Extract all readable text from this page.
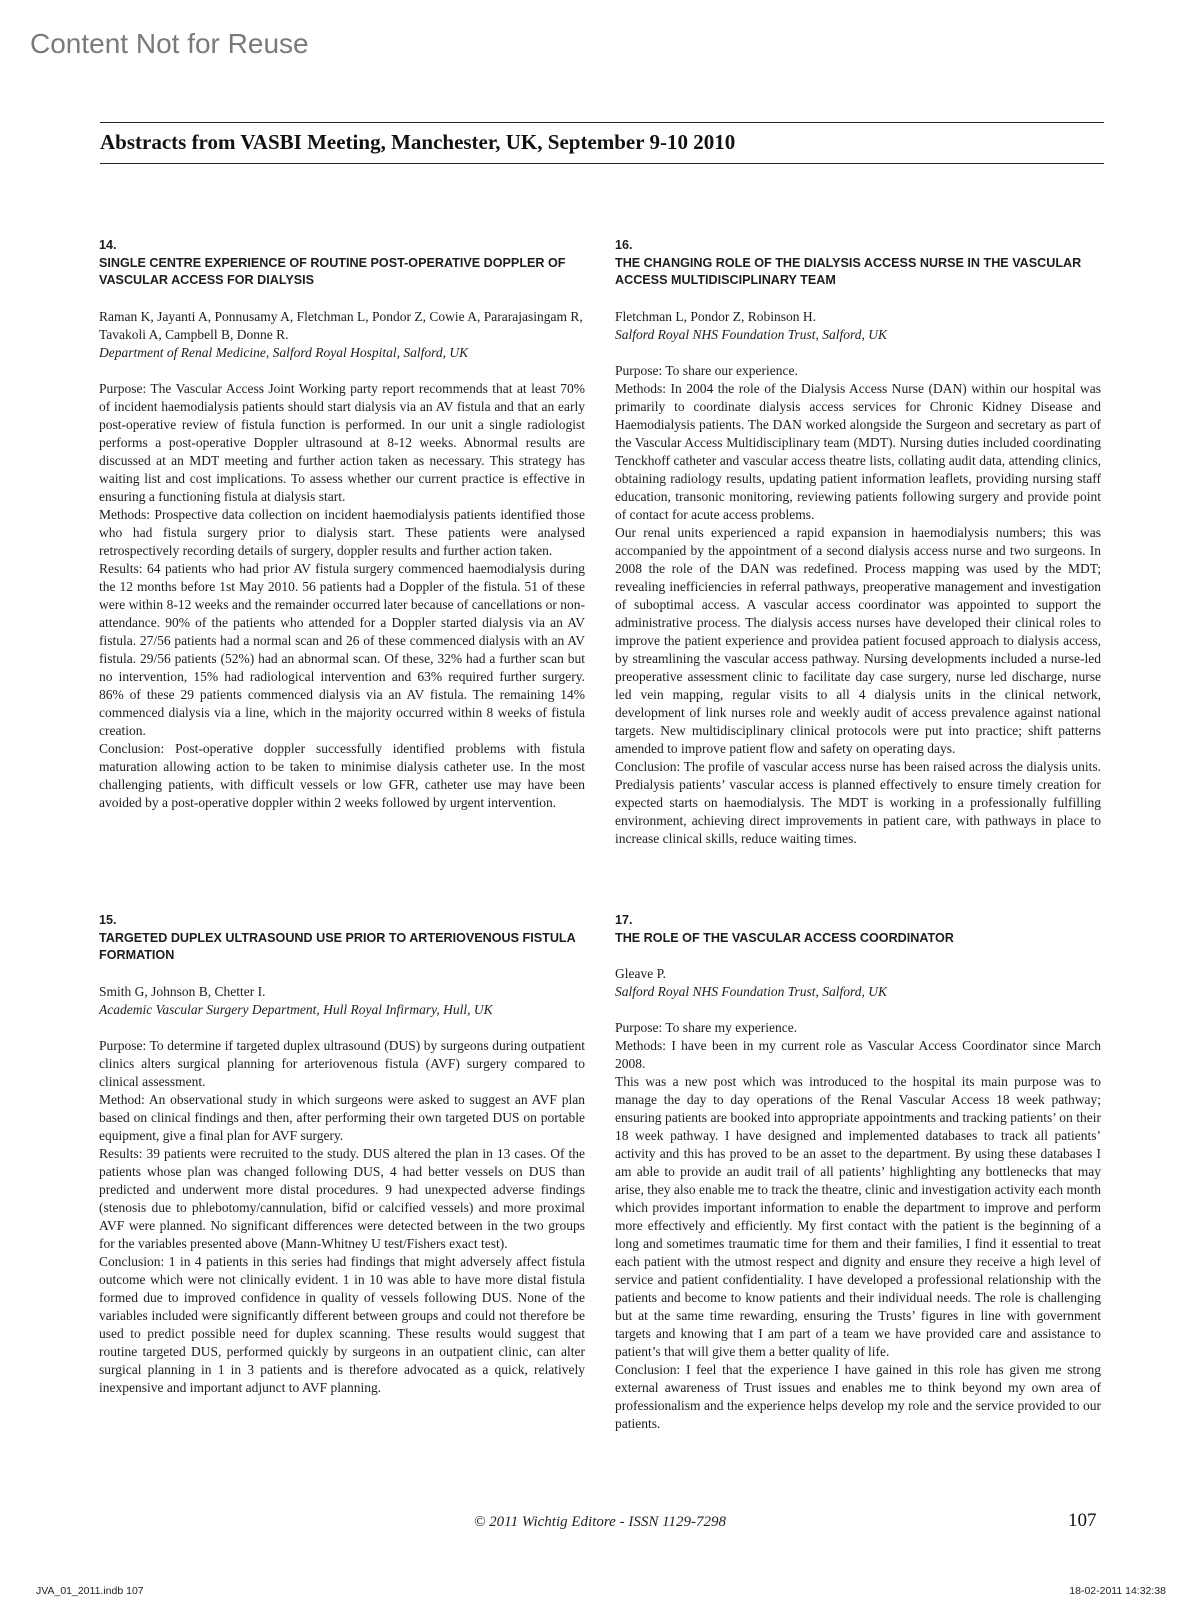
Content Not for Reuse
Abstracts from VASBI Meeting, Manchester, UK, September 9-10 2010
14.
SINGLE CENTRE EXPERIENCE OF ROUTINE POST-OPERATIVE DOPPLER OF VASCULAR ACCESS FOR DIALYSIS

Raman K, Jayanti A, Ponnusamy A, Fletchman L, Pondor Z, Cowie A, Pararajasingam R, Tavakoli A, Campbell B, Donne R.

Department of Renal Medicine, Salford Royal Hospital, Salford, UK

Purpose: The Vascular Access Joint Working party report recommends that at least 70% of incident haemodialysis patients should start dialysis via an AV fistula and that an early post-operative review of fistula function is performed. In our unit a single radiologist performs a post-operative Doppler ultrasound at 8-12 weeks. Abnormal results are discussed at an MDT meeting and further action taken as necessary. This strategy has waiting list and cost implications. To assess whether our current practice is effective in ensuring a functioning fistula at dialysis start.

Methods: Prospective data collection on incident haemodialysis patients identified those who had fistula surgery prior to dialysis start. These patients were analysed retrospectively recording details of surgery, doppler results and further action taken.

Results: 64 patients who had prior AV fistula surgery commenced haemodialysis during the 12 months before 1st May 2010. 56 patients had a Doppler of the fistula. 51 of these were within 8-12 weeks and the remainder occurred later because of cancellations or non-attendance. 90% of the patients who attended for a Doppler started dialysis via an AV fistula. 27/56 patients had a normal scan and 26 of these commenced dialysis with an AV fistula. 29/56 patients (52%) had an abnormal scan. Of these, 32% had a further scan but no intervention, 15% had radiological intervention and 63% required further surgery. 86% of these 29 patients commenced dialysis via an AV fistula. The remaining 14% commenced dialysis via a line, which in the majority occurred within 8 weeks of fistula creation.

Conclusion: Post-operative doppler successfully identified problems with fistula maturation allowing action to be taken to minimise dialysis catheter use. In the most challenging patients, with difficult vessels or low GFR, catheter use may have been avoided by a post-operative doppler within 2 weeks followed by urgent intervention.

16.
THE CHANGING ROLE OF THE DIALYSIS ACCESS NURSE IN THE VASCULAR ACCESS MULTIDISCIPLINARY TEAM

Fletchman L, Pondor Z, Robinson H.

Salford Royal NHS Foundation Trust, Salford, UK

Purpose: To share our experience.

Methods: In 2004 the role of the Dialysis Access Nurse (DAN) within our hospital was primarily to coordinate dialysis access services for Chronic Kidney Disease and Haemodialysis patients. The DAN worked alongside the Surgeon and secretary as part of the Vascular Access Multidisciplinary team (MDT). Nursing duties included coordinating Tenckhoff catheter and vascular access theatre lists, collating audit data, attending clinics, obtaining radiology results, updating patient information leaflets, providing nursing staff education, transonic monitoring, reviewing patients following surgery and provide point of contact for acute access problems.

Our renal units experienced a rapid expansion in haemodialysis numbers; this was accompanied by the appointment of a second dialysis access nurse and two surgeons. In 2008 the role of the DAN was redefined. Process mapping was used by the MDT; revealing inefficiencies in referral pathways, preoperative management and investigation of suboptimal access. A vascular access coordinator was appointed to support the administrative process. The dialysis access nurses have developed their clinical roles to improve the patient experience and providea patient focused approach to dialysis access, by streamlining the vascular access pathway. Nursing developments included a nurse-led preoperative assessment clinic to facilitate day case surgery, nurse led discharge, nurse led vein mapping, regular visits to all 4 dialysis units in the clinical network, development of link nurses role and weekly audit of access prevalence against national targets. New multidisciplinary clinical protocols were put into practice; shift patterns amended to improve patient flow and safety on operating days.

Conclusion: The profile of vascular access nurse has been raised across the dialysis units. Predialysis patients’ vascular access is planned effectively to ensure timely creation for expected starts on haemodialysis. The MDT is working in a professionally fulfilling environment, achieving direct improvements in patient care, with pathways in place to increase clinical skills, reduce waiting times.

15.
TARGETED DUPLEX ULTRASOUND USE PRIOR TO ARTERIOVENOUS FISTULA FORMATION

Smith G, Johnson B, Chetter I.

Academic Vascular Surgery Department, Hull Royal Infirmary, Hull, UK

Purpose: To determine if targeted duplex ultrasound (DUS) by surgeons during outpatient clinics alters surgical planning for arteriovenous fistula (AVF) surgery compared to clinical assessment.

Method: An observational study in which surgeons were asked to suggest an AVF plan based on clinical findings and then, after performing their own targeted DUS on portable equipment, give a final plan for AVF surgery.

Results: 39 patients were recruited to the study. DUS altered the plan in 13 cases. Of the patients whose plan was changed following DUS, 4 had better vessels on DUS than predicted and underwent more distal procedures. 9 had unexpected adverse findings (stenosis due to phlebotomy/cannulation, bifid or calcified vessels) and more proximal AVF were planned. No significant differences were detected between in the two groups for the variables presented above (Mann-Whitney U test/Fishers exact test).

Conclusion: 1 in 4 patients in this series had findings that might adversely affect fistula outcome which were not clinically evident. 1 in 10 was able to have more distal fistula formed due to improved confidence in quality of vessels following DUS. None of the variables included were significantly different between groups and could not therefore be used to predict possible need for duplex scanning. These results would suggest that routine targeted DUS, performed quickly by surgeons in an outpatient clinic, can alter surgical planning in 1 in 3 patients and is therefore advocated as a quick, relatively inexpensive and important adjunct to AVF planning.

17.
THE ROLE OF THE VASCULAR ACCESS COORDINATOR

Gleave P.

Salford Royal NHS Foundation Trust, Salford, UK

Purpose: To share my experience.

Methods: I have been in my current role as Vascular Access Coordinator since March 2008.

This was a new post which was introduced to the hospital its main purpose was to manage the day to day operations of the Renal Vascular Access 18 week pathway; ensuring patients are booked into appropriate appointments and tracking patients’ on their 18 week pathway. I have designed and implemented databases to track all patients’ activity and this has proved to be an asset to the department. By using these databases I am able to provide an audit trail of all patients’ highlighting any bottlenecks that may arise, they also enable me to track the theatre, clinic and investigation activity each month which provides important information to enable the department to improve and perform more effectively and efficiently. My first contact with the patient is the beginning of a long and sometimes traumatic time for them and their families, I find it essential to treat each patient with the utmost respect and dignity and ensure they receive a high level of service and patient confidentiality. I have developed a professional relationship with the patients and become to know patients and their individual needs. The role is challenging but at the same time rewarding, ensuring the Trusts’ figures in line with government targets and knowing that I am part of a team we have provided care and assistance to patient’s that will give them a better quality of life.

Conclusion: I feel that the experience I have gained in this role has given me strong external awareness of Trust issues and enables me to think beyond my own area of professionalism and the experience helps develop my role and the service provided to our patients.

© 2011 Wichtig Editore - ISSN 1129-7298	107
JVA_01_2011.indb 107	18-02-2011 14:32:38
